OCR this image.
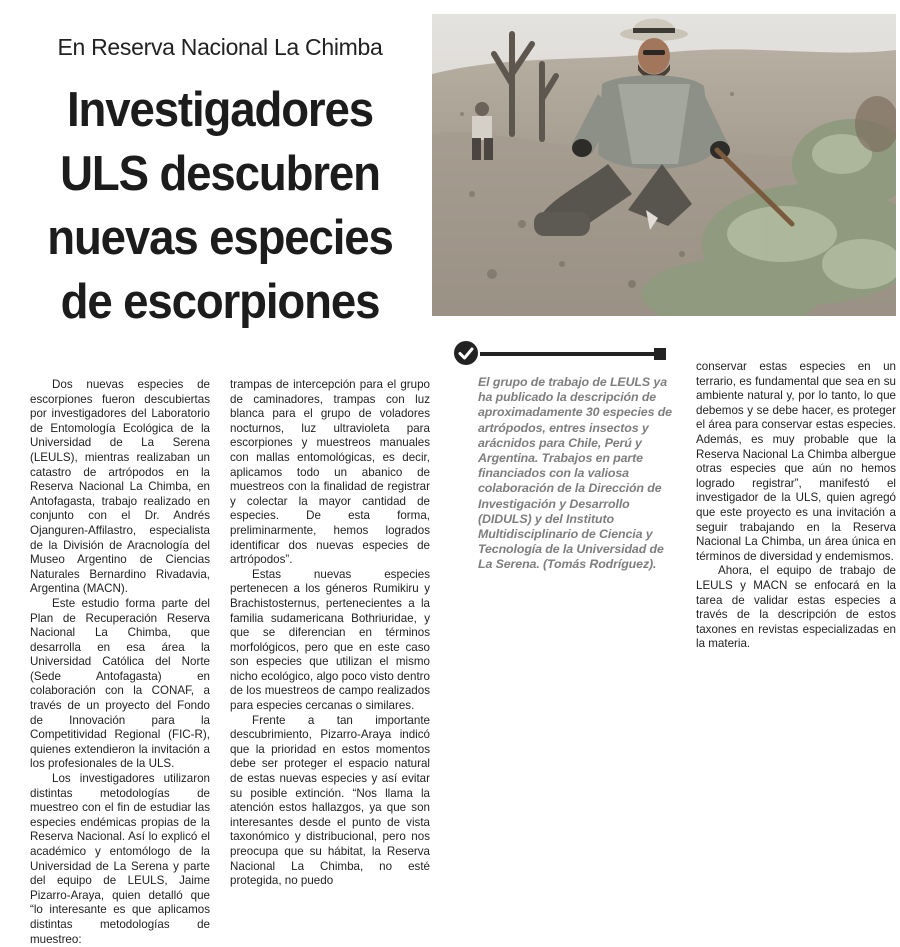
En Reserva Nacional La Chimba
Investigadores
ULS descubren
nuevas especies
de escorpiones

Dos nuevas especies de escorpiones fueron descubiertas por investigadores del Laboratorio de Entomología Ecológica de la Universidad de La Serena (LEULS), mientras realizaban un catastro de artrópodos en la Reserva Nacional La Chimba, en Antofagasta, trabajo realizado en conjunto con el Dr. Andrés Ojanguren-Affilastro, especialista de la División de Aracnología del Museo Argentino de Ciencias Naturales Bernardino Rivadavia, Argentina (MACN).

Este estudio forma parte del Plan de Recuperación Reserva Nacional La Chimba, que desarrolla en esa área la Universidad Católica del Norte (Sede Antofagasta) en colaboración con la CONAF, a través de un proyecto del Fondo de Innovación para la Competitividad Regional (FIC-R), quienes extendieron la invitación a los profesionales de la ULS.

Los investigadores utilizaron distintas metodologías de muestreo con el fin de estudiar las especies endémicas propias de la Reserva Nacional. Así lo explicó el académico y entomólogo de la Universidad de La Serena y parte del equipo de LEULS, Jaime Pizarro-Araya, quien detalló que “lo interesante es que aplicamos distintas metodologías de muestreo:

trampas de intercepción para el grupo de caminadores, trampas con luz blanca para el grupo de voladores nocturnos, luz ultravioleta para escorpiones y muestreos manuales con mallas entomológicas, es decir, aplicamos todo un abanico de muestreos con la finalidad de registrar y colectar la mayor cantidad de especies. De esta forma, preliminarmente, hemos logrados identificar dos nuevas especies de artrópodos”.

Estas nuevas especies pertenecen a los géneros Rumikiru y Brachistosternus, pertenecientes a la familia sudamericana Bothriuridae, y que se diferencian en términos morfológicos, pero que en este caso son especies que utilizan el mismo nicho ecológico, algo poco visto dentro de los muestreos de campo realizados para especies cercanas o similares.

Frente a tan importante descubrimiento, Pizarro-Araya indicó que la prioridad en estos momentos debe ser proteger el espacio natural de estas nuevas especies y así evitar su posible extinción. “Nos llama la atención estos hallazgos, ya que son interesantes desde el punto de vista taxonómico y distribucional, pero nos preocupa que su hábitat, la Reserva Nacional La Chimba, no esté protegida, no puedo

El grupo de trabajo de LEULS ya ha publicado la descripción de aproximadamente 30 especies de artrópodos, entres insectos y arácnidos para Chile, Perú y Argentina. Trabajos en parte financiados con la valiosa colaboración de la Dirección de Investigación y Desarrollo (DIDULS) y del Instituto Multidisciplinario de Ciencia y Tecnología de la Universidad de La Serena. (Tomás Rodríguez).

conservar estas especies en un terrario, es fundamental que sea en su ambiente natural y, por lo tanto, lo que debemos y se debe hacer, es proteger el área para conservar estas especies. Además, es muy probable que la Reserva Nacional La Chimba albergue otras especies que aún no hemos logrado registrar”, manifestó el investigador de la ULS, quien agregó que este proyecto es una invitación a seguir trabajando en la Reserva Nacional La Chimba, un área única en términos de diversidad y endemismos.

Ahora, el equipo de trabajo de LEULS y MACN se enfocará en la tarea de validar estas especies a través de la descripción de estos taxones en revistas especializadas en la materia.
